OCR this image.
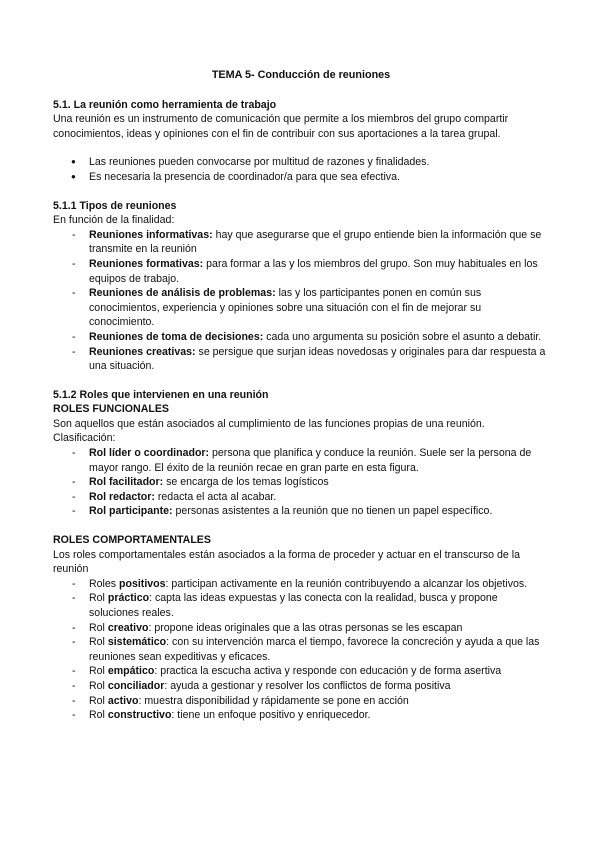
TEMA 5- Conducción de reuniones

5.1. La reunión como herramienta de trabajo

Una reunión es un instrumento de comunicación que permite a los miembros del grupo compartir conocimientos, ideas y opiniones con el fin de contribuir con sus aportaciones a la tarea grupal.

● Las reuniones pueden convocarse por multitud de razones y finalidades.
● Es necesaria la presencia de coordinador/a para que sea efectiva.

5.1.1 Tipos de reuniones

En función de la finalidad:

- Reuniones informativas: hay que asegurarse que el grupo entiende bien la información que se transmite en la reunión
- Reuniones formativas: para formar a las y los miembros del grupo. Son muy habituales en los equipos de trabajo.
- Reuniones de análisis de problemas: las y los participantes ponen en común sus conocimientos, experiencia y opiniones sobre una situación con el fin de mejorar su conocimiento.
- Reuniones de toma de decisiones: cada uno argumenta su posición sobre el asunto a debatir.
- Reuniones creativas: se persigue que surjan ideas novedosas y originales para dar respuesta a una situación.

5.1.2 Roles que intervienen en una reunión

ROLES FUNCIONALES

Son aquellos que están asociados al cumplimiento de las funciones propias de una reunión.

Clasificación:

- Rol líder o coordinador: persona que planifica y conduce la reunión. Suele ser la persona de mayor rango. El éxito de la reunión recae en gran parte en esta figura.
- Rol facilitador: se encarga de los temas logísticos
- Rol redactor: redacta el acta al acabar.
- Rol participante: personas asistentes a la reunión que no tienen un papel específico.

ROLES COMPORTAMENTALES

Los roles comportamentales están asociados a la forma de proceder y actuar en el transcurso de la reunión

- Roles positivos: participan activamente en la reunión contribuyendo a alcanzar los objetivos.
- Rol práctico: capta las ideas expuestas y las conecta con la realidad, busca y propone soluciones reales.
- Rol creativo: propone ideas originales que a las otras personas se les escapan
- Rol sistemático: con su intervención marca el tiempo, favorece la concreción y ayuda a que las reuniones sean expeditivas y eficaces.
- Rol empático: practica la escucha activa y responde con educación y de forma asertiva
- Rol conciliador: ayuda a gestionar y resolver los conflictos de forma positiva
- Rol activo: muestra disponibilidad y rápidamente se pone en acción
- Rol constructivo: tiene un enfoque positivo y enriquecedor.
